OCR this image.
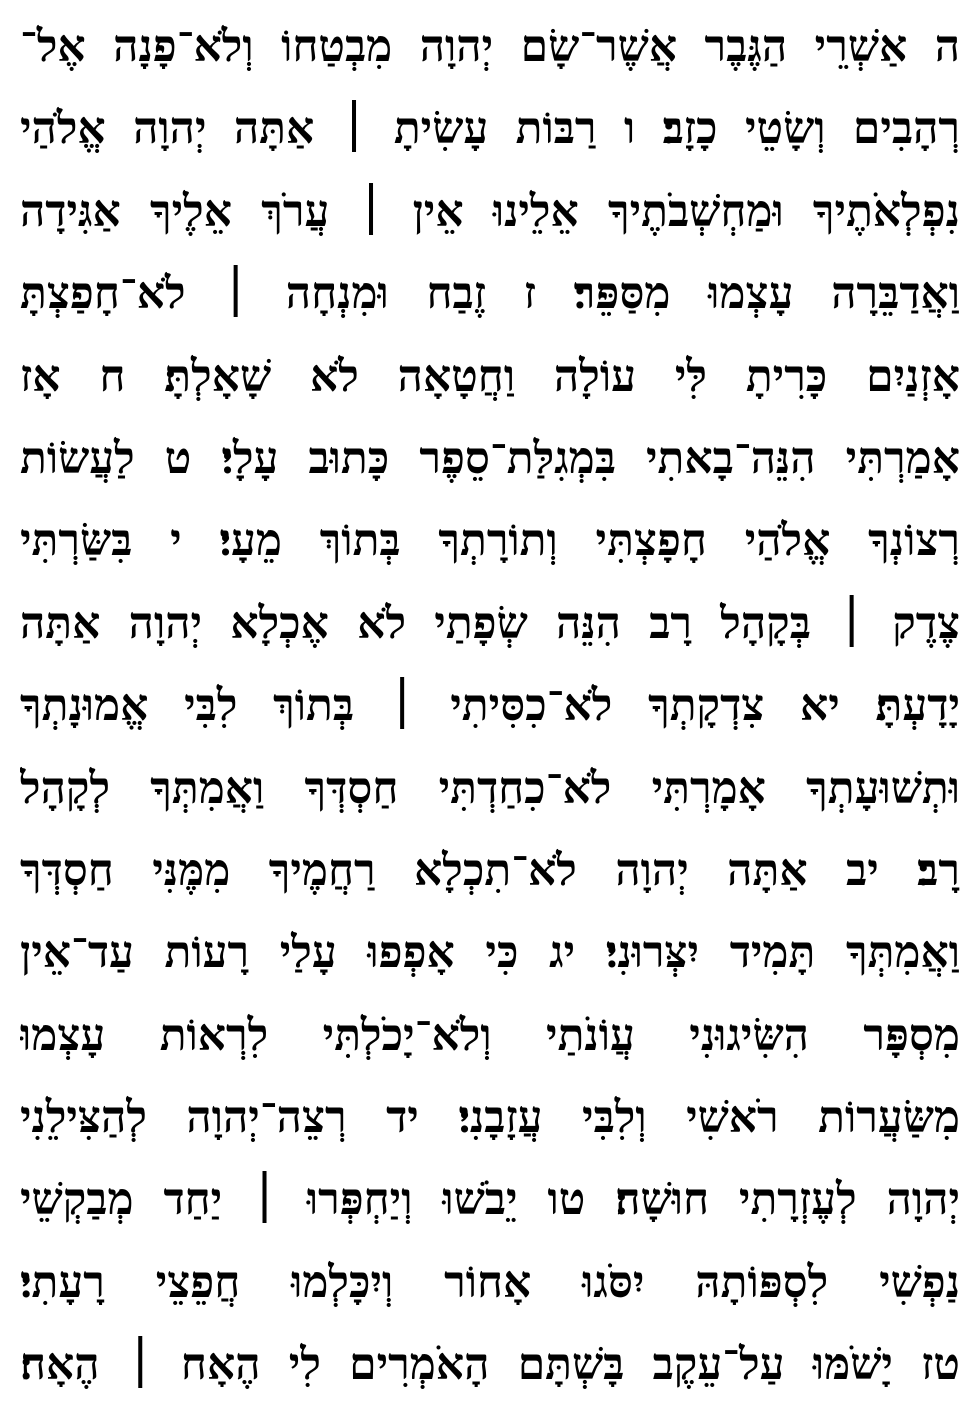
ה אַשְׁרֵי הַגֶּבֶר אֲשֶׁר־שָׂם יְהוָה מִבְטַחוֹ וְלֹא־פָנָה אֶל־
רְהָבִים וְשָׂטֵי כָזָב׃ ו רַבּוֹת עָשִׂיתָ ׀ אַתָּה יְהוָה אֱלֹהַי
נִפְלְאֹתֶיךָ וּמַחְשְׁבֹתֶיךָ אֵלֵינוּ אֵין ׀ עֲרֹךְ אֵלֶיךָ אַגִּידָה
וַאֲדַבֵּרָה עָצְמוּ מִסַּפֵּר׃ ז זֶבַח וּמִנְחָה ׀ לֹא־חָפַצְתָּ
אָזְנַיִם כָּרִיתָ לִּי עוֹלָה וַחֲטָאָה לֹא שָׁאָלְתָּ׃ ח אָז
אָמַרְתִּי הִנֵּה־בָאתִי בִּמְגִלַּת־סֵפֶר כָּתוּב עָלָי׃ ט לַעֲשׂוֹת
רְצוֹנְךָ אֱלֹהַי חָפָצְתִּי וְתוֹרָתְךָ בְּתוֹךְ מֵעָי׃ י בִּשַּׂרְתִּי
צֶדֶק ׀ בְּקָהָל רָב הִנֵּה שְׂפָתַי לֹא אֶכְלָא יְהוָה אַתָּה
יָדָעְתָּ׃ יא צִדְקָתְךָ לֹא־כִסִּיתִי ׀ בְּתוֹךְ לִבִּי אֱמוּנָתְךָ
וּתְשׁוּעָתְךָ אָמָרְתִּי לֹא־כִחַדְתִּי חַסְדְּךָ וַאֲמִתְּךָ לְקָהָל
רָב׃ יב אַתָּה יְהוָה לֹא־תִכְלָא רַחֲמֶיךָ מִמֶּנִּי חַסְדְּךָ
וַאֲמִתְּךָ תָּמִיד יִצְּרוּנִי׃ יג כִּי אָפְפוּ עָלַי רָעוֹת עַד־אֵין
מִסְפָּר הִשִּׂיגוּנִי עֲוֹנֹתַי וְלֹא־יָכֹלְתִּי לִרְאוֹת עָצְמוּ
מִשַּׂעֲרוֹת רֹאשִׁי וְלִבִּי עֲזָבָנִי׃ יד רְצֵה־יְהוָה לְהַצִּילֵנִי
יְהוָה לְעֶזְרָתִי חוּשָׁה׃ טו יֵבֹשׁוּ וְיַחְפְּרוּ ׀ יַחַד מְבַקְשֵׁי
נַפְשִׁי לִסְפּוֹתָהּ יִסֹּגוּ אָחוֹר וְיִכָּלְמוּ חֲפֵצֵי רָעָתִי׃
טז יָשֹׁמּוּ עַל־עֵקֶב בָּשְׁתָּם הָאֹמְרִים לִי הֶאָח ׀ הֶאָח׃
